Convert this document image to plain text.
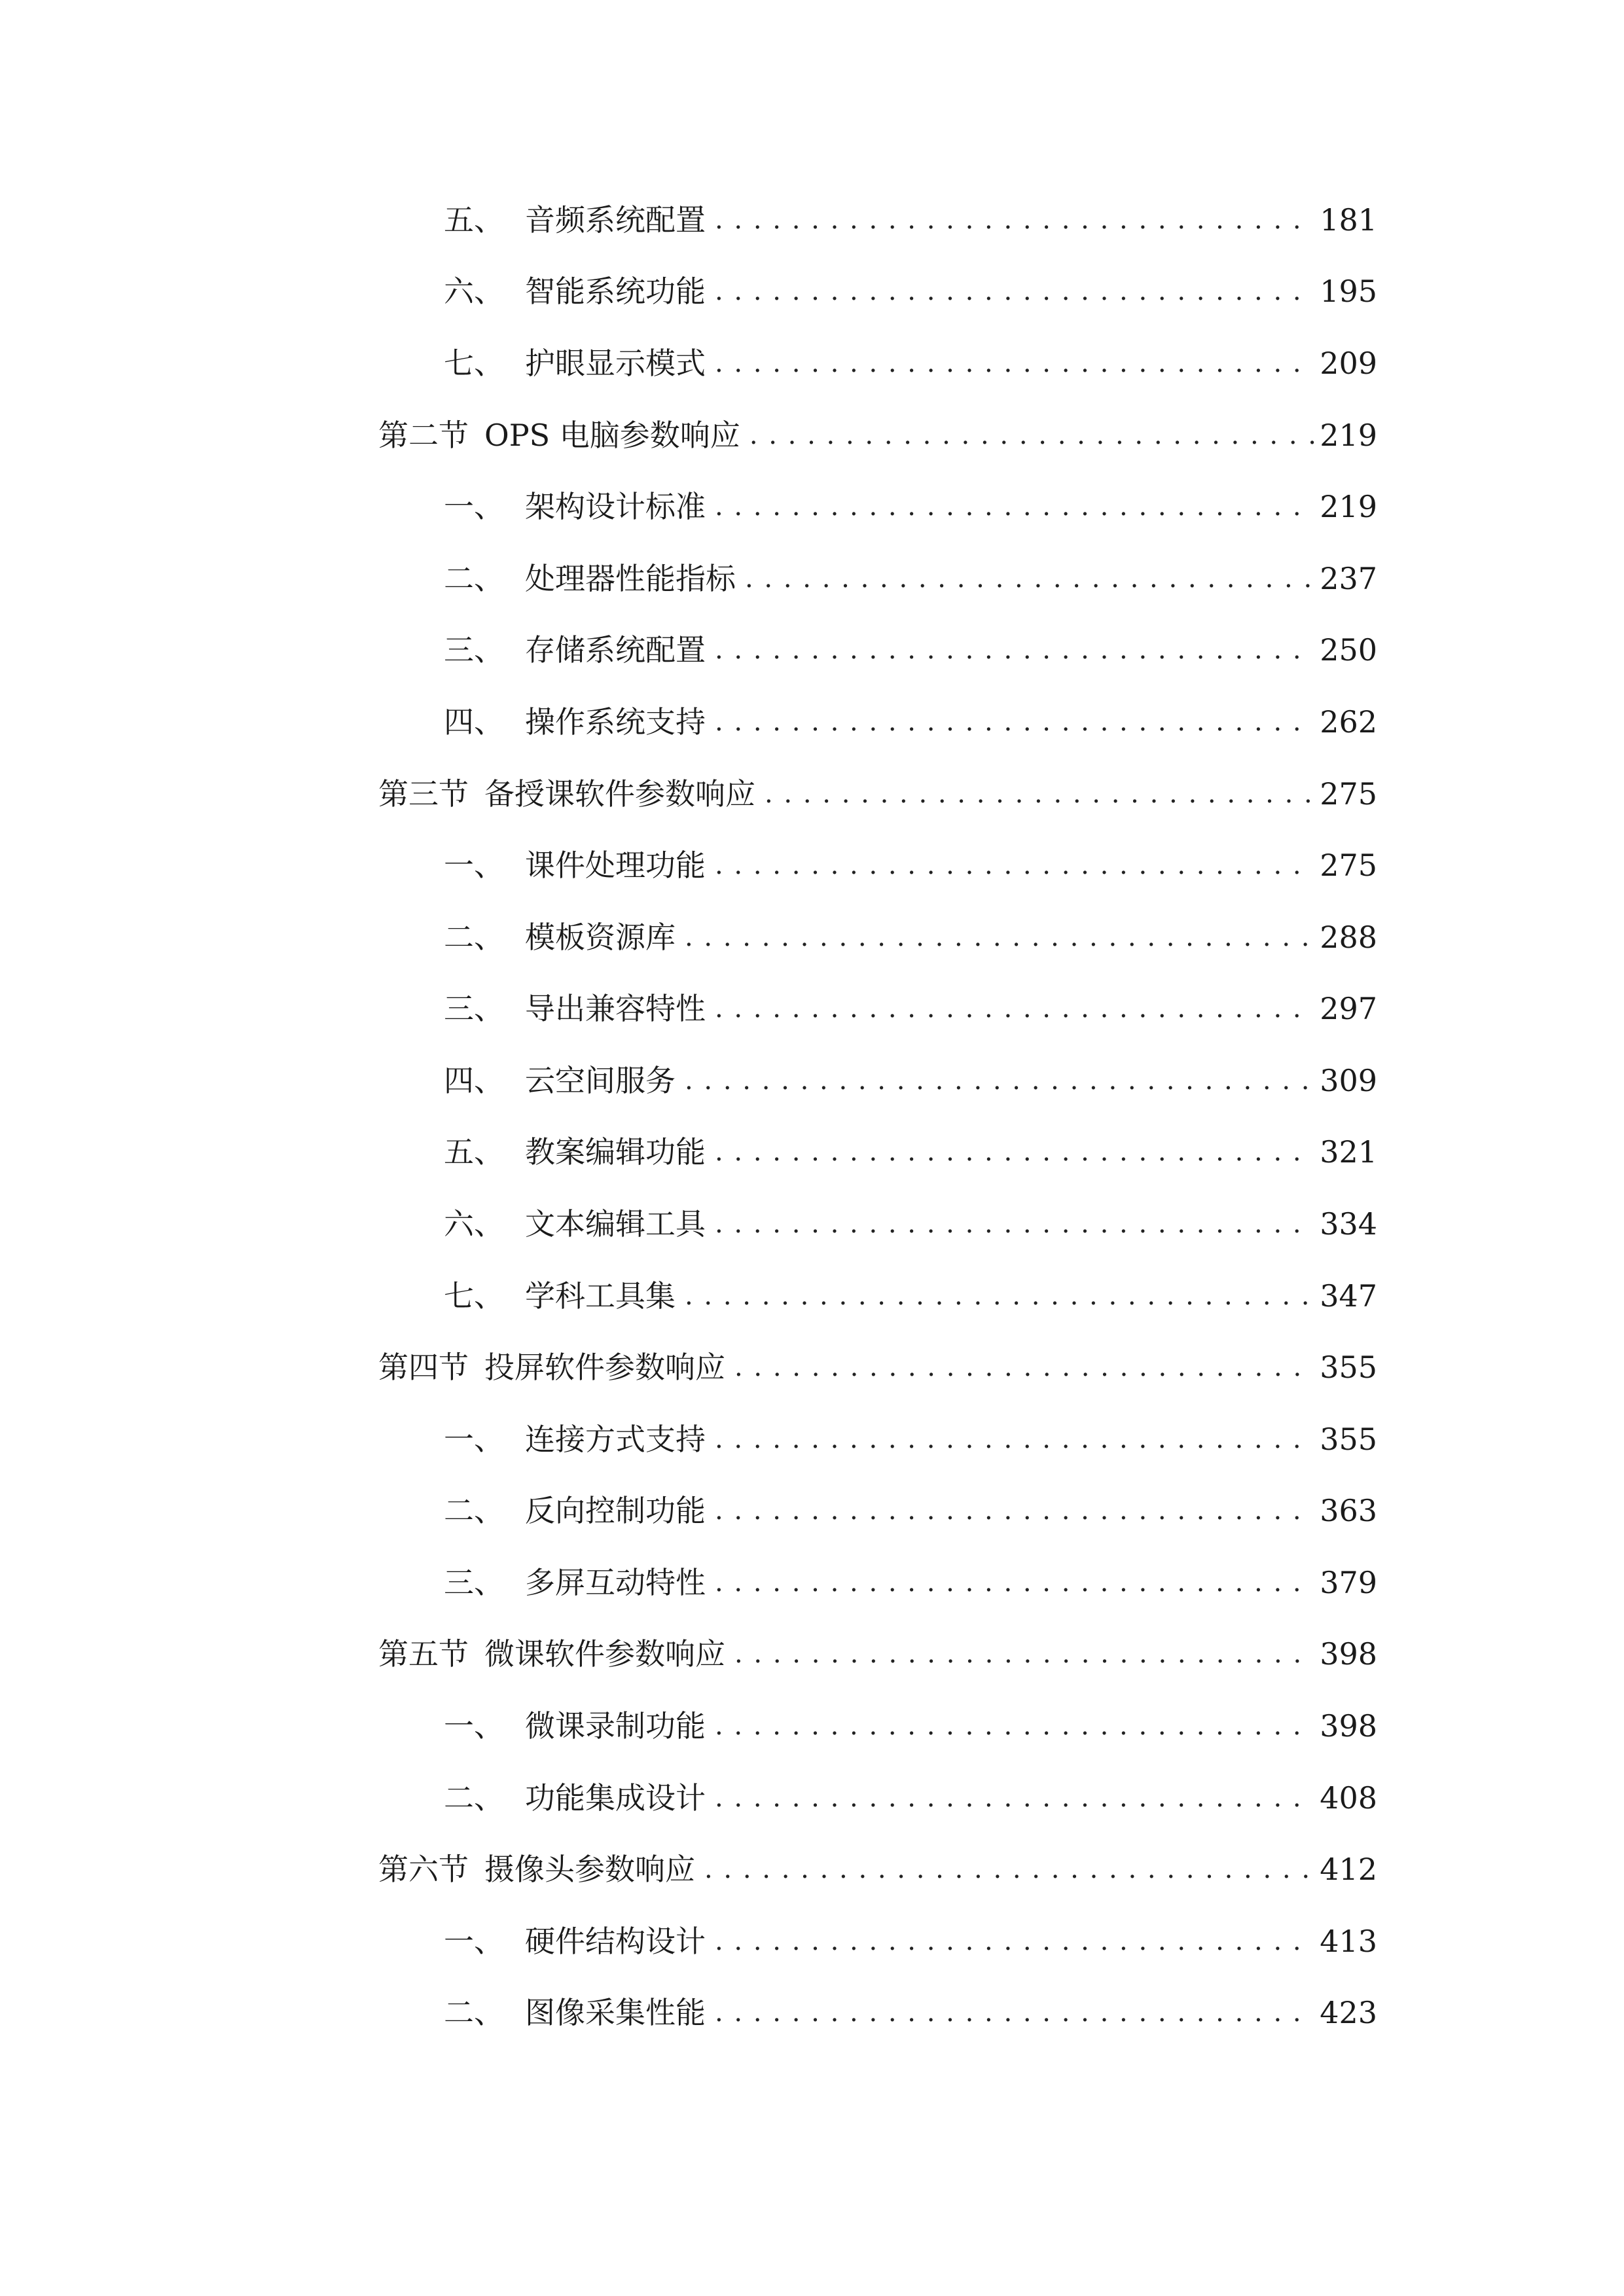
五、 音频系统配置 . . .	181
六、 智能系统功能 . . .	195
七、 护眼显示模式 . . .	209
第二节 OPS 电脑参数响应 . . .	219
一、 架构设计标准 . . .	219
二、 处理器性能指标 . . .	237
三、 存储系统配置 . . .	250
四、 操作系统支持 . . .	262
第三节 备授课软件参数响应 . . .	275
一、 课件处理功能 . . .	275
二、 模板资源库 . . .	288
三、 导出兼容特性 . . .	297
四、 云空间服务 . . .	309
五、 教案编辑功能 . . .	321
六、 文本编辑工具 . . .	334
七、 学科工具集 . . .	347
第四节 投屏软件参数响应 . . .	355
一、 连接方式支持 . . .	355
二、 反向控制功能 . . .	363
三、 多屏互动特性 . . .	379
第五节 微课软件参数响应 . . .	398
一、 微课录制功能 . . .	398
二、 功能集成设计 . . .	408
第六节 摄像头参数响应 . . .	412
一、 硬件结构设计 . . .	413
二、 图像采集性能 . . .	423
